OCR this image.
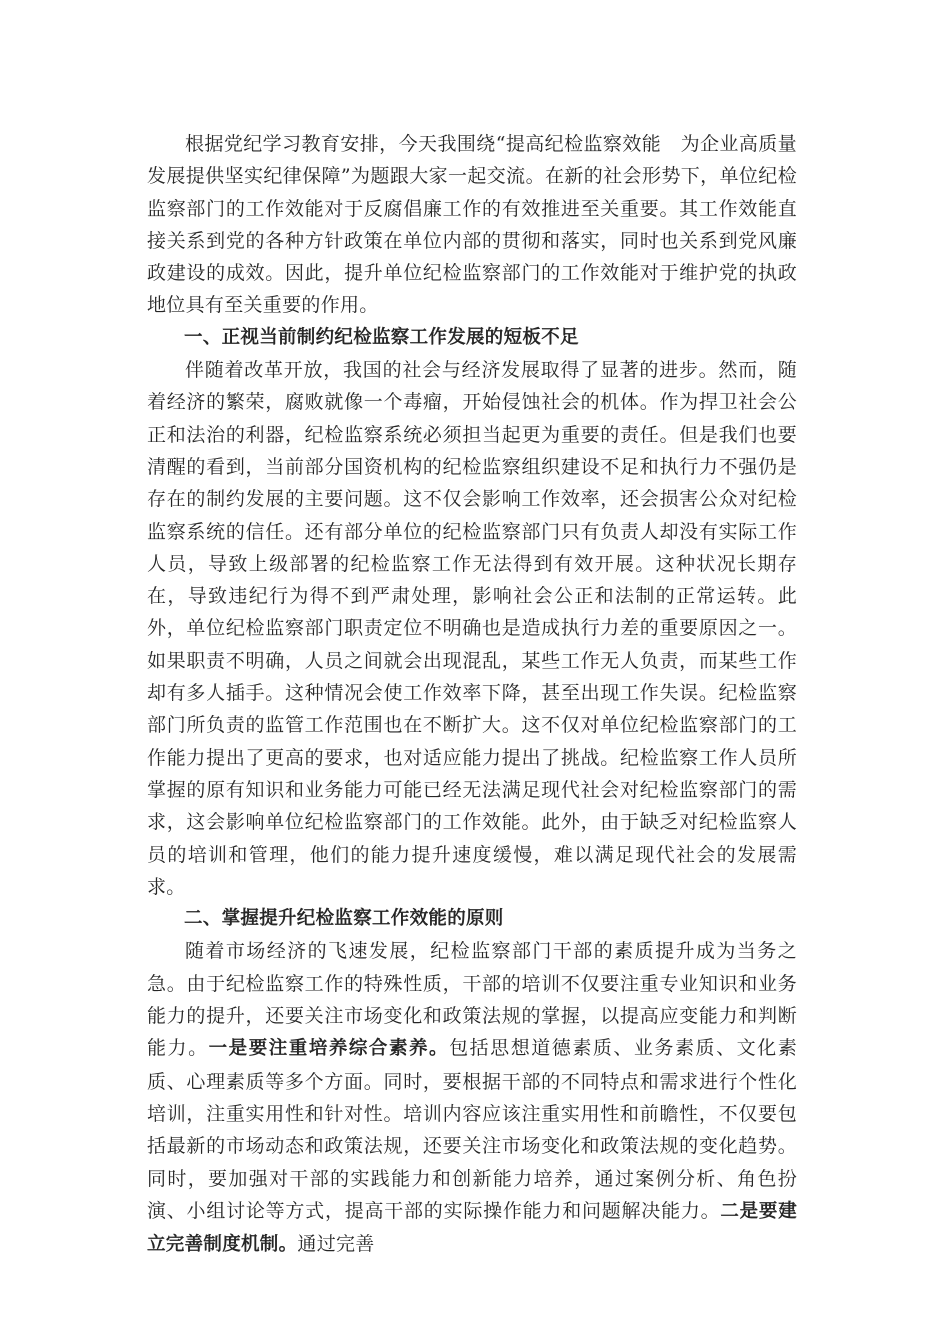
根据党纪学习教育安排，今天我围绕“提高纪检监察效能　为企业高质量发展提供坚实纪律保障”为题跟大家一起交流。在新的社会形势下，单位纪检监察部门的工作效能对于反腐倡廉工作的有效推进至关重要。其工作效能直接关系到党的各种方针政策在单位内部的贯彻和落实，同时也关系到党风廉政建设的成效。因此，提升单位纪检监察部门的工作效能对于维护党的执政地位具有至关重要的作用。

一、正视当前制约纪检监察工作发展的短板不足

伴随着改革开放，我国的社会与经济发展取得了显著的进步。然而，随着经济的繁荣，腐败就像一个毒瘤，开始侵蚀社会的机体。作为捍卫社会公正和法治的利器，纪检监察系统必须担当起更为重要的责任。但是我们也要清醒的看到，当前部分国资机构的纪检监察组织建设不足和执行力不强仍是存在的制约发展的主要问题。这不仅会影响工作效率，还会损害公众对纪检监察系统的信任。还有部分单位的纪检监察部门只有负责人却没有实际工作人员，导致上级部署的纪检监察工作无法得到有效开展。这种状况长期存在，导致违纪行为得不到严肃处理，影响社会公正和法制的正常运转。此外，单位纪检监察部门职责定位不明确也是造成执行力差的重要原因之一。如果职责不明确，人员之间就会出现混乱，某些工作无人负责，而某些工作却有多人插手。这种情况会使工作效率下降，甚至出现工作失误。纪检监察部门所负责的监管工作范围也在不断扩大。这不仅对单位纪检监察部门的工作能力提出了更高的要求，也对适应能力提出了挑战。纪检监察工作人员所掌握的原有知识和业务能力可能已经无法满足现代社会对纪检监察部门的需求，这会影响单位纪检监察部门的工作效能。此外，由于缺乏对纪检监察人员的培训和管理，他们的能力提升速度缓慢，难以满足现代社会的发展需求。

二、掌握提升纪检监察工作效能的原则

随着市场经济的飞速发展，纪检监察部门干部的素质提升成为当务之急。由于纪检监察工作的特殊性质，干部的培训不仅要注重专业知识和业务能力的提升，还要关注市场变化和政策法规的掌握，以提高应变能力和判断能力。一是要注重培养综合素养。包括思想道德素质、业务素质、文化素质、心理素质等多个方面。同时，要根据干部的不同特点和需求进行个性化培训，注重实用性和针对性。培训内容应该注重实用性和前瞻性，不仅要包括最新的市场动态和政策法规，还要关注市场变化和政策法规的变化趋势。同时，要加强对干部的实践能力和创新能力培养，通过案例分析、角色扮演、小组讨论等方式，提高干部的实际操作能力和问题解决能力。二是要建立完善制度机制。通过完善
